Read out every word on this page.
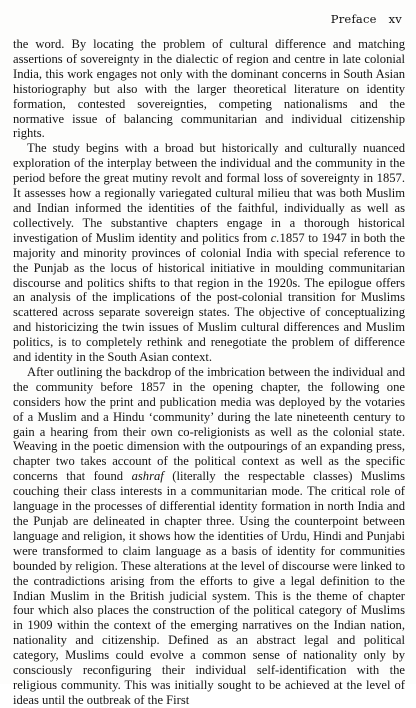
Preface xv

the word. By locating the problem of cultural difference and matching assertions of sovereignty in the dialectic of region and centre in late colonial India, this work engages not only with the dominant concerns in South Asian historiography but also with the larger theoretical literature on identity formation, contested sovereignties, competing nationalisms and the normative issue of balancing communitarian and individual citizenship rights.

The study begins with a broad but historically and culturally nuanced exploration of the interplay between the individual and the community in the period before the great mutiny revolt and formal loss of sovereignty in 1857. It assesses how a regionally variegated cultural milieu that was both Muslim and Indian informed the identities of the faithful, individually as well as collectively. The substantive chapters engage in a thorough historical investigation of Muslim identity and politics from c.1857 to 1947 in both the majority and minority provinces of colonial India with special reference to the Punjab as the locus of historical initiative in moulding communitarian discourse and politics shifts to that region in the 1920s. The epilogue offers an analysis of the implications of the post-colonial transition for Muslims scattered across separate sovereign states. The objective of conceptualizing and historicizing the twin issues of Muslim cultural differences and Muslim politics, is to completely rethink and renegotiate the problem of difference and identity in the South Asian context.

After outlining the backdrop of the imbrication between the individual and the community before 1857 in the opening chapter, the following one considers how the print and publication media was deployed by the votaries of a Muslim and a Hindu ‘community’ during the late nineteenth century to gain a hearing from their own co-religionists as well as the colonial state. Weaving in the poetic dimension with the outpourings of an expanding press, chapter two takes account of the political context as well as the specific concerns that found ashraf (literally the respectable classes) Muslims couching their class interests in a communitarian mode. The critical role of language in the processes of differential identity formation in north India and the Punjab are delineated in chapter three. Using the counterpoint between language and religion, it shows how the identities of Urdu, Hindi and Punjabi were transformed to claim language as a basis of identity for communities bounded by religion. These alterations at the level of discourse were linked to the contradictions arising from the efforts to give a legal definition to the Indian Muslim in the British judicial system. This is the theme of chapter four which also places the construction of the political category of Muslims in 1909 within the context of the emerging narratives on the Indian nation, nationality and citizenship. Defined as an abstract legal and political category, Muslims could evolve a common sense of nationality only by consciously reconfiguring their individual self-identification with the religious community. This was initially sought to be achieved at the level of ideas until the outbreak of the First
